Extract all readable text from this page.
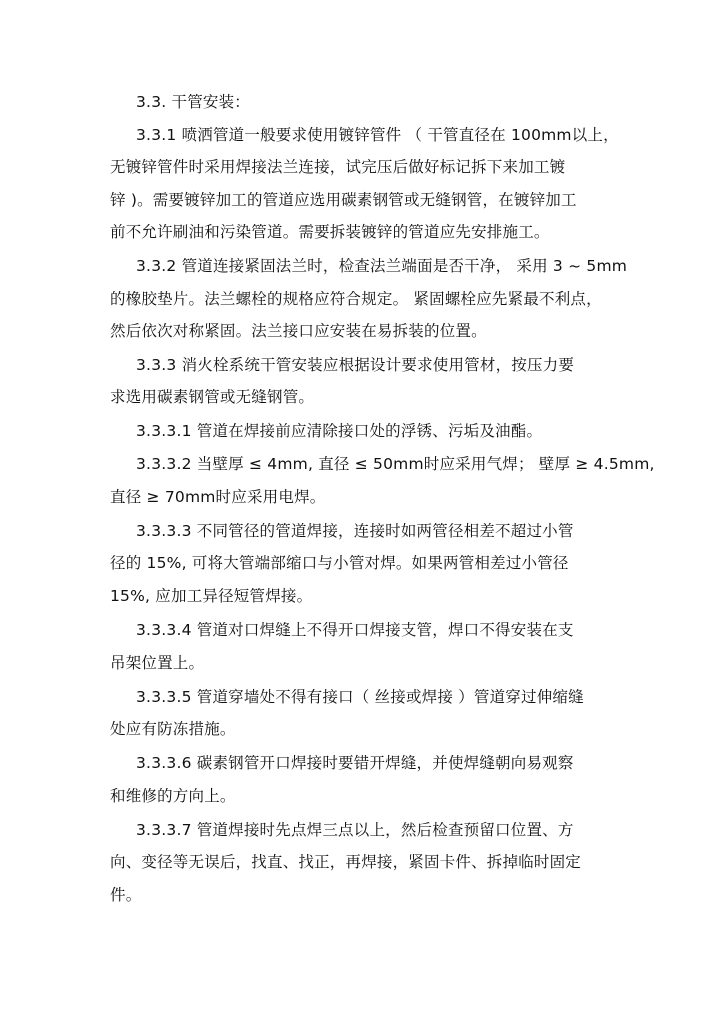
3.3. 干管安装：
3.3.1 喷洒管道一般要求使用镀锌管件 （ 干管直径在 100mm以上，
无镀锌管件时采用焊接法兰连接，试完压后做好标记拆下来加工镀
锌 )。需要镀锌加工的管道应选用碳素钢管或无缝钢管，在镀锌加工
前不允许刷油和污染管道。需要拆装镀锌的管道应先安排施工。
3.3.2 管道连接紧固法兰时，检查法兰端面是否干净， 采用 3 ~ 5mm
的橡胶垫片。法兰螺栓的规格应符合规定。 紧固螺栓应先紧最不利点，
然后依次对称紧固。法兰接口应安装在易拆装的位置。
3.3.3 消火栓系统干管安装应根据设计要求使用管材，按压力要
求选用碳素钢管或无缝钢管。
3.3.3.1 管道在焊接前应清除接口处的浮锈、污垢及油酯。
3.3.3.2 当壁厚 ≤ 4mm, 直径 ≤ 50mm时应采用气焊； 壁厚 ≥ 4.5mm,
直径 ≥ 70mm时应采用电焊。
3.3.3.3 不同管径的管道焊接，连接时如两管径相差不超过小管
径的 15%, 可将大管端部缩口与小管对焊。如果两管相差过小管径
15%, 应加工异径短管焊接。
3.3.3.4 管道对口焊缝上不得开口焊接支管，焊口不得安装在支
吊架位置上。
3.3.3.5 管道穿墙处不得有接口（ 丝接或焊接 ）管道穿过伸缩缝
处应有防冻措施。
3.3.3.6 碳素钢管开口焊接时要错开焊缝，并使焊缝朝向易观察
和维修的方向上。
3.3.3.7 管道焊接时先点焊三点以上，然后检查预留口位置、方
向、变径等无误后，找直、找正，再焊接，紧固卡件、拆掉临时固定
件。
